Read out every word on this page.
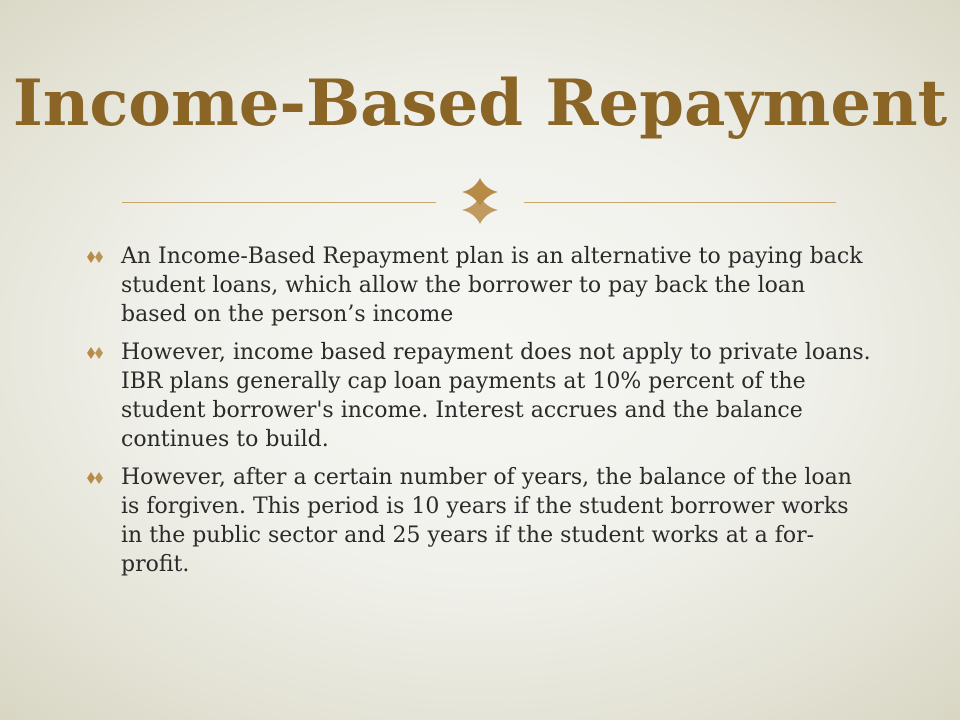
Income-Based Repayment
An Income-Based Repayment plan is an alternative to paying back student loans, which allow the borrower to pay back the loan based on the person’s income
However, income based repayment does not apply to private loans. IBR plans generally cap loan payments at 10% percent of the student borrower's income. Interest accrues and the balance continues to build.
However, after a certain number of years, the balance of the loan is forgiven. This period is 10 years if the student borrower works in the public sector and 25 years if the student works at a for-profit.
